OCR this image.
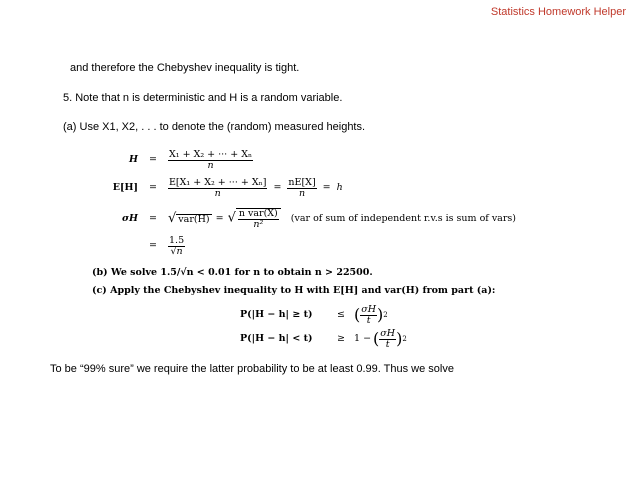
Statistics Homework Helper
and therefore the Chebyshev inequality is tight.
5. Note that n is deterministic and H is a random variable.
(a) Use X1, X2, . . . to denote the (random) measured heights.
H	=	$\frac{\text{X₁ + X₂ + ··· + Xₙ}}{n}$
E[H]	=	$\frac{\text{E[X₁ + X₂ + ··· + Xₙ]}}{n} = \frac{nE[X]}{n} = h$
σH	= √ var(H) = √ $\frac{\text{n var(X)}}{\text{n²}} (var$ of sum of independent r.v.s is sum of vars)
=	$\frac{1.5}{√n}$
(b) We solve 1.5/√n < 0.01 for n to obtain n > 22500.
(c) Apply the Chebyshev inequality to H with E[H] and var(H) from part (a):
P(|H − h| ≥ t)	≤ ( $\frac{\sigma H}{t}$ ) 2
P(|H − h| < t)	≥ 1 − ( $\frac{\sigma H}{t}$ ) 2
To be “99% sure” we require the latter probability to be at least 0.99. Thus we solve
